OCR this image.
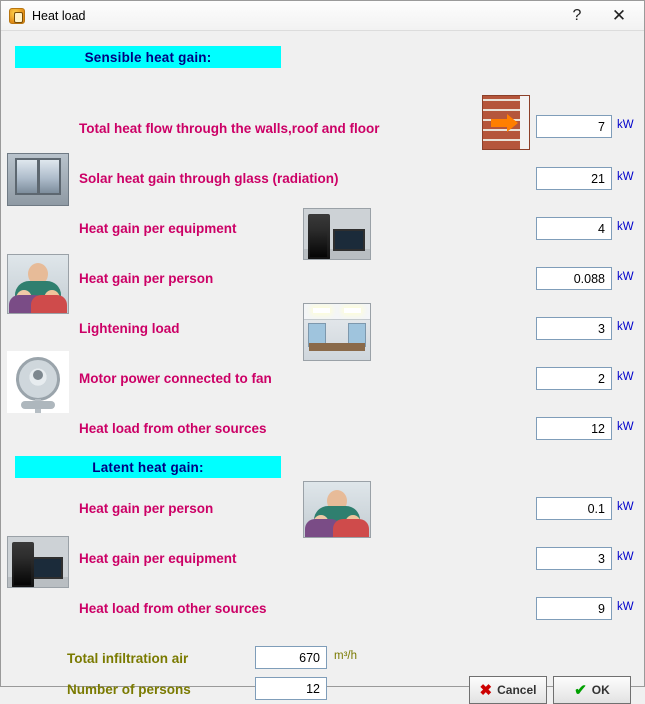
Heat load	?	✕
Sensible heat gain:
Total heat flow through the walls,roof and floor
7	kW
Solar heat gain through glass (radiation)
21	kW
Heat gain per equipment
4	kW
Heat gain per person
0.088	kW
Lightening load
3	kW
Motor power connected to fan
2	kW
Heat load from other sources
12	kW
Latent heat gain:
Heat gain per person
0.1	kW
Heat gain per equipment
3	kW
Heat load from other sources
9	kW
Total infiltration air
670	m³/h
Number of persons
12	✖ Cancel	✔ OK
